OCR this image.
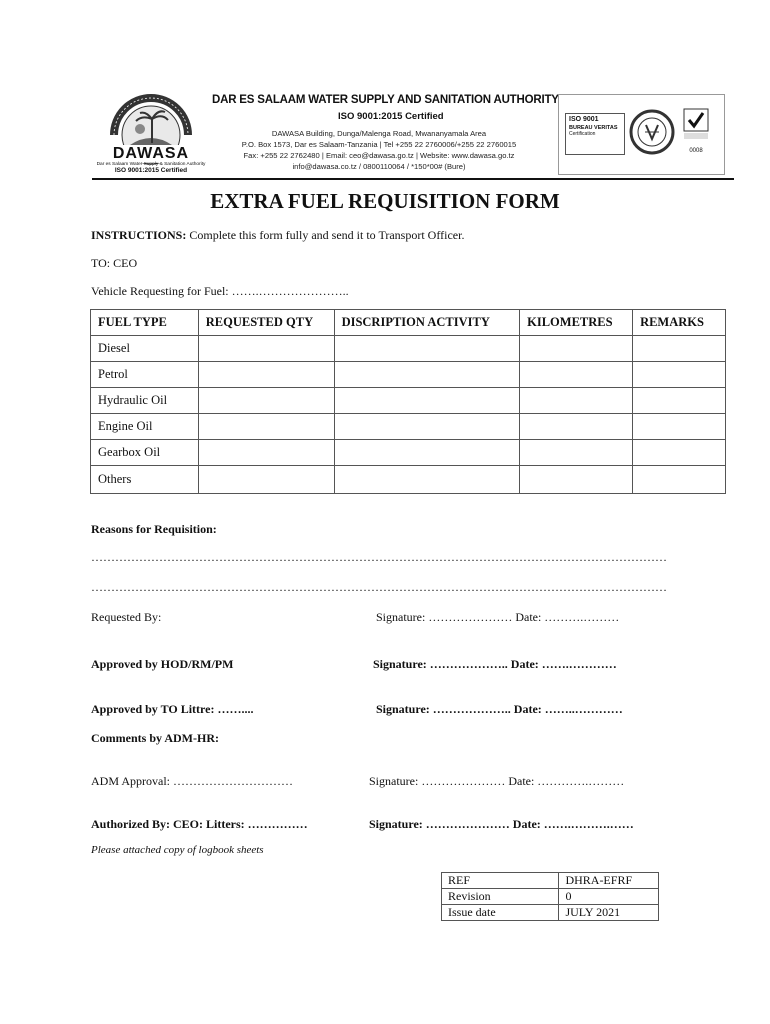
DAWASA
Dar es Salaam Water Supply & Sanitation Authority
ISO 9001:2015 Certified
DAR ES SALAAM WATER SUPPLY AND SANITATION AUTHORITY
ISO 9001:2015 Certified
DAWASA Building, Dunga/Malenga Road, Mwananyamala Area
P.O. Box 1573, Dar es Salaam-Tanzania | Tel +255 22 2760006/+255 22 2760015
Fax: +255 22 2762480 | Email: ceo@dawasa.go.tz | Website: www.dawasa.go.tz
info@dawasa.co.tz / 0800110064 / *150*00# (Bure)
ISO 9001
BUREAU VERITAS
Certification
0008
EXTRA FUEL REQUISITION FORM
INSTRUCTIONS: Complete this form fully and send it to Transport Officer.
TO: CEO
Vehicle Requesting for Fuel: …….…………………..
FUEL TYPE	REQUESTED QTY	DISCRIPTION ACTIVITY	KILOMETRES	REMARKS
Diesel				
Petrol				
Hydraulic Oil				
Engine Oil				
Gearbox Oil				
Others				
Reasons for Requisition:
………………………………………………………………………………………………………………………………
………………………………………………………………………………………………………………………………
Requested By:	Signature: ………………… Date: ……….………
Approved by HOD/RM/PM	Signature: ……………….. Date: …….…………
Approved by TO Littre: ……....	Signature: ……………….. Date: ……..…………
Comments by ADM-HR:
ADM Approval: …………………………	Signature: ………………… Date: ………….………
Authorized By: CEO: Litters: ……………	Signature: ………………… Date: …….……….……
Please attached copy of logbook sheets
REF	DHRA-EFRF
Revision	0
Issue date	JULY 2021
